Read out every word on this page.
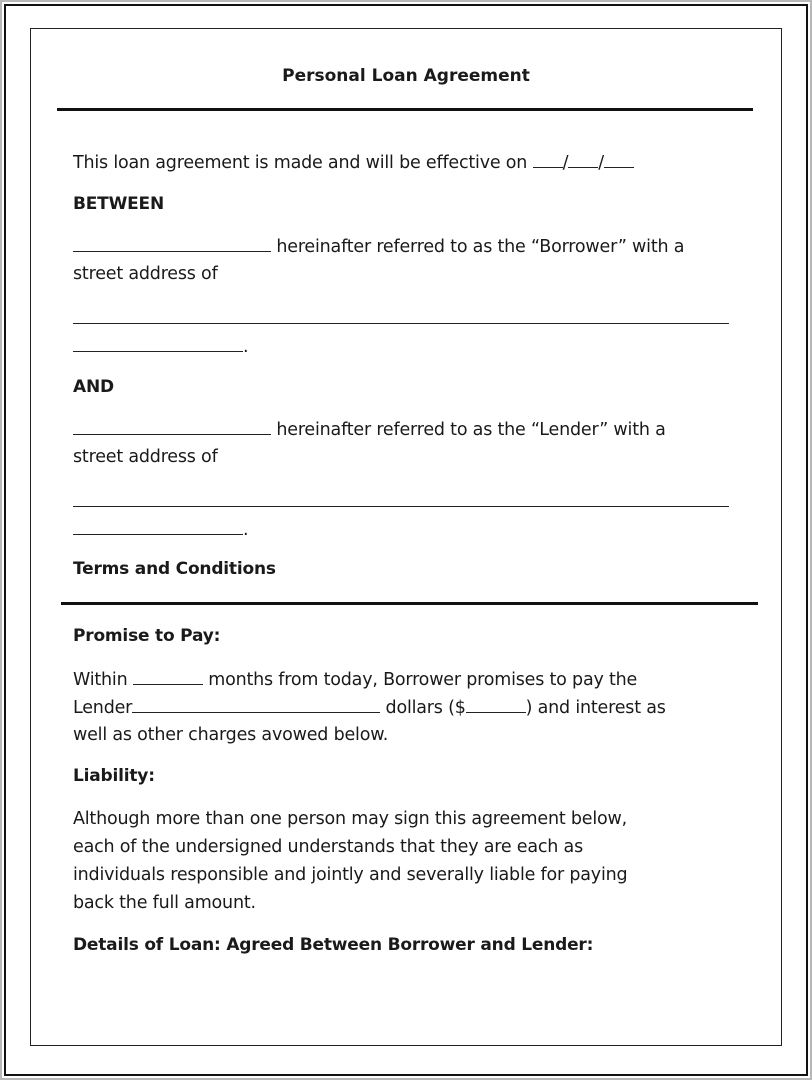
Personal Loan Agreement
This loan agreement is made and will be effective on / /
BETWEEN
hereinafter referred to as the “Borrower” with a
street address of
.
AND
hereinafter referred to as the “Lender” with a
street address of
.
Terms and Conditions
Promise to Pay:
Within	months from today, Borrower promises to pay the
Lender	dollars ($	) and interest as
well as other charges avowed below.
Liability:
Although more than one person may sign this agreement below,
each of the undersigned understands that they are each as
individuals responsible and jointly and severally liable for paying
back the full amount.
Details of Loan: Agreed Between Borrower and Lender:
